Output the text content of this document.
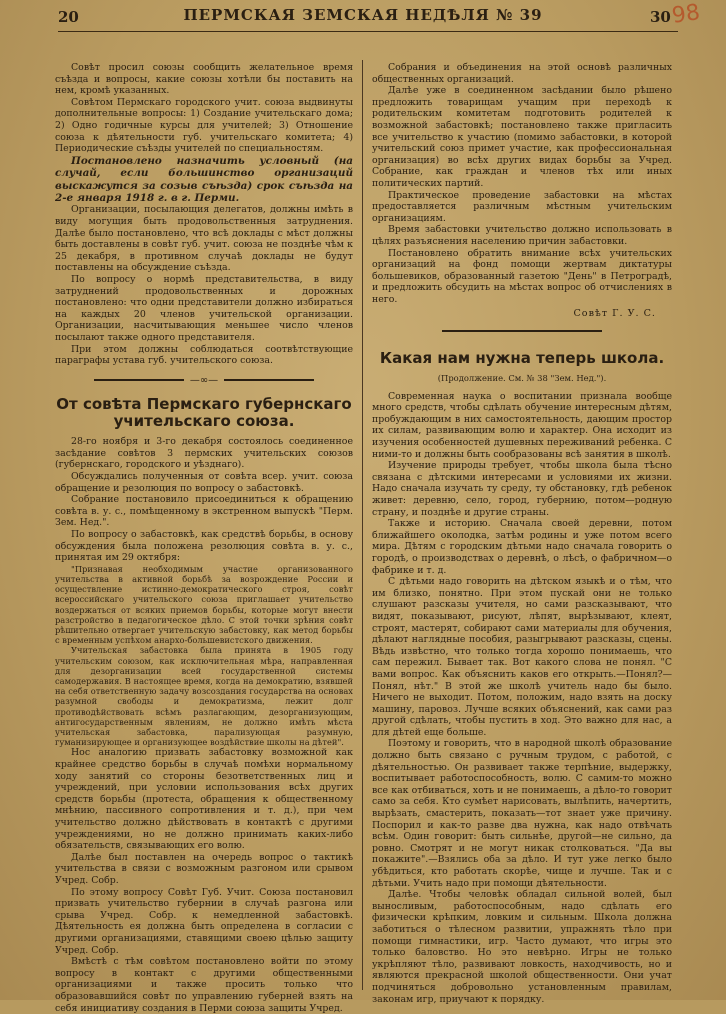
20	ПЕРМСКАЯ ЗЕМСКАЯ НЕДѢЛЯ № 39	30 98

Совѣт просил союзы сообщить желательное время съѣзда и вопросы, какие союзы хотѣли бы поставить на нем, кромѣ указанных.

Совѣтом Пермскаго городского учит. союза выдвинуты дополнительные вопросы: 1) Создание учительскаго дома; 2) Одно годичные курсы для учителей; 3) Отношение союза к дѣятельности губ. учительскаго комитета; 4) Периодические съѣзды учителей по специальностям.

Постановлено назначить условный (на случай, если большинство организаций выскажутся за созыв съѣзда) срок съѣзда на 2-е января 1918 г. в г. Перми.

Организации, посылающия делегатов, должны имѣть в виду могущия быть продовольственныя затруднения. Далѣе было постановлено, что всѣ доклады с мѣст должны быть доставлены в совѣт губ. учит. союза не позднѣе чѣм к 25 декабря, в противном случаѣ доклады не будут поставлены на обсуждение съѣзда.

По вопросу о нормѣ представительства, в виду затруднений продовольственных и дорожных постановлено: что одни представители должно избираться на каждых 20 членов учительской организации. Организации, насчитывающия меньшее число членов посылают также одного представителя.

При этом должны соблюдаться соотвѣтствующие параграфы устава губ. учительского союза.

—∞—
От совѣта Пермскаго губернскаго учительскаго союза.

28-го ноября и 3-го декабря состоялось соединенное засѣдание совѣтов 3 пермских учительских союзов (губернскаго, городского и уѣзднаго).

Обсуждались полученныя от совѣта всер. учит. союза обращение и резолюция по вопросу о забастовкѣ.

Собрание постановило присоединиться к обращению совѣта в. у. с., помѣщенному в экстренном выпускѣ "Перм. Зем. Нед.".

По вопросу о забастовкѣ, как средствѣ борьбы, в основу обсуждения была положена резолюция совѣта в. у. с., принятая им 29 октября:

"Признавая необходимым участие организованного учительства в активной борьбѣ за возрождение России и осуществление истинно-демократического строя, совѣт всероссийскаго учительского союза приглашает учительство воздержаться от всяких приемов борьбы, которые могут внести разстройство в педагогическое дѣло. С этой точки зрѣния совѣт рѣшительно отвергает учительскую забастовку, как метод борьбы с временным успѣхом анархо-большевистского движения.

Учительская забастовка была принята в 1905 году учительским союзом, как исключительная мѣра, направленная для дезорганизации всей государственной системы самодержавия. В настоящее время, когда на демократию, взявшей на себя ответственную задачу возсоздания государства на основах разумной свободы и демократизма, лежит долг противодѣйствовать всѣмъ разлагающим, дезорганизующим, антигосударственным явлениям, не должно имѣть мѣста учительская забастовка, парализующая разумную, гуманизирующее и организующее воздѣйствие школы на дѣтей".

Нос аналогию призвать забастовку возможной как крайнее средство борьбы в случаѣ помѣхи нормальному ходу занятий со стороны безответственных лиц и учреждений, при условии использования всѣх других средств борьбы (протеста, обращения к общественному мнѣнию, пассивного сопротивления и т. д.), при чем учительство должно дѣйствовать в контактѣ с другими учреждениями, но не должно принимать каких-либо обязательств, связывающих его волю.

Далѣе был поставлен на очередь вопрос о тактикѣ учительства в связи с возможным разгоном или срывом Учред. Собр.

По этому вопросу Совѣт Губ. Учит. Союза постановил призвать учительство губернии в случаѣ разгона или срыва Учред. Собр. к немедленной забастовкѣ. Дѣятельность ея должна быть определена в согласии с другими организациями, ставящими своею цѣлью защиту Учред. Собр.

Вмѣстѣ с тѣм совѣтом постановлено войти по этому вопросу в контакт с другими общественными организациями и также просить только что образовавшийся совѣт по управлению губерней взять на себя инициативу создания в Перми союза защиты Учред.

Собрания и объединения на этой основѣ различных общественных организаций.

Далѣе уже в соединенном засѣдании было рѣшено предложить товарищам учащим при переходѣ к родительским комитетам подготовить родителей к возможной забастовкѣ; постановлено также пригласить все учительство к участию (помимо забастовки, в которой учительский союз примет участие, как профессиональная организация) во всѣх других видах борьбы за Учред. Собрание, как граждан и членов тѣх или иных политических партий.

Практическое проведение забастовки на мѣстах предоставляется различным мѣстным учительским организациям.

Время забастовки учительство должно использовать в цѣлях разъяснения населению причин забастовки.

Постановлено обратить внимание всѣх учительских организаций на фонд помощи жертвам диктатуры большевиков, образованный газетою "День" в Петроградѣ, и предложить обсудить на мѣстах вопрос об отчислениях в него.

Совѣт Г. У. С.
Какая нам нужна теперь школа.
(Продолжение. См. № 38 "Зем. Нед.").

Современная наука о воспитании признала вообще много средств, чтобы сдѣлать обучение интересным дѣтям, пробуждающим в них самостоятельность, дающим простор их силам, развивающим волю и характер. Она исходит из изучения особенностей душевных переживаний ребенка. С ними-то и должны быть сообразованы всѣ занятия в школѣ.

Изучение природы требует, чтобы школа была тѣсно связана с дѣтскими интересами и условиями их жизни. Надо сначала изучать ту среду, ту обстановку, гдѣ ребенок живет: деревню, село, город, губернию, потом—родную страну, и позднѣе и другие страны.

Также и историю. Сначала своей деревни, потом ближайшего околодка, затѣм родины и уже потом всего мира. Дѣтям с городским дѣтьми надо сначала говорить о городѣ, о производствах о деревнѣ, о лѣсѣ, о фабричном—о фабрике и т. д.

С дѣтьми надо говорить на дѣтском языкѣ и о тѣм, что им близко, понятно. При этом пускай они не только слушают разсказы учителя, но сами разсказывают, что видят, показывают, рисуют, лѣпят, вырѣзывают, клеят, строят, мастерят, собирают сами материалы для обучения, дѣлают наглядные пособия, разыгрывают разсказы, сцены. Вѣдь извѣстно, что только тогда хорошо понимаешь, что сам пережил. Бывает так. Вот какого слова не понял. "С вами вопрос. Как объяснить каков его открыть.—Понял?—Понял, нѣт." В этой же школѣ учитель надо бы было. Ничего не выходит. Потом, положим, надо взять на доску машину, паровоз. Лучше всяких объяснений, как сами раз другой сдѣлать, чтобы пустить в ход. Это важно для нас, а для дѣтей еще больше.

Поэтому и говорить, что в народной школѣ образование должно быть связано с ручным трудом, с работой, с дѣятельностью. Он развивает также терпѣние, выдержку, воспитывает работоспособность, волю. С самим-то можно все как отбиваться, хоть и не понимаешь, а дѣло-то говорит само за себя. Кто сумѣет нарисовать, вылѣпить, начертить, вырѣзать, смастерить, показать—тот знает уже причину. Поспорил и как-то разве два нужна, как надо отвѣчать всѣм. Один говорит: быть сильнѣе, другой—не сильно, да ровно. Смотрят и не могут никак столковаться. "Да вы покажите".—Взялись оба за дѣло. И тут уже легко было убѣдиться, кто работать скорѣе, чище и лучше. Так и с дѣтьми. Учить надо при помощи дѣятельности.

Далѣе. Чтобы человѣк обладал сильной волей, был выносливым, работоспособным, надо сдѣлать его физически крѣпким, ловким и сильным. Школа должна заботиться о тѣлесном развитии, упражнять тѣло при помощи гимнастики, игр. Часто думают, что игры это только баловство. Но это невѣрно. Игры не только укрѣпляют тѣло, развивают ловкость, находчивость, но и являются прекрасной школой общественности. Они учат подчиняться добровольно установленным правилам, законам игр, приучают к порядку.
